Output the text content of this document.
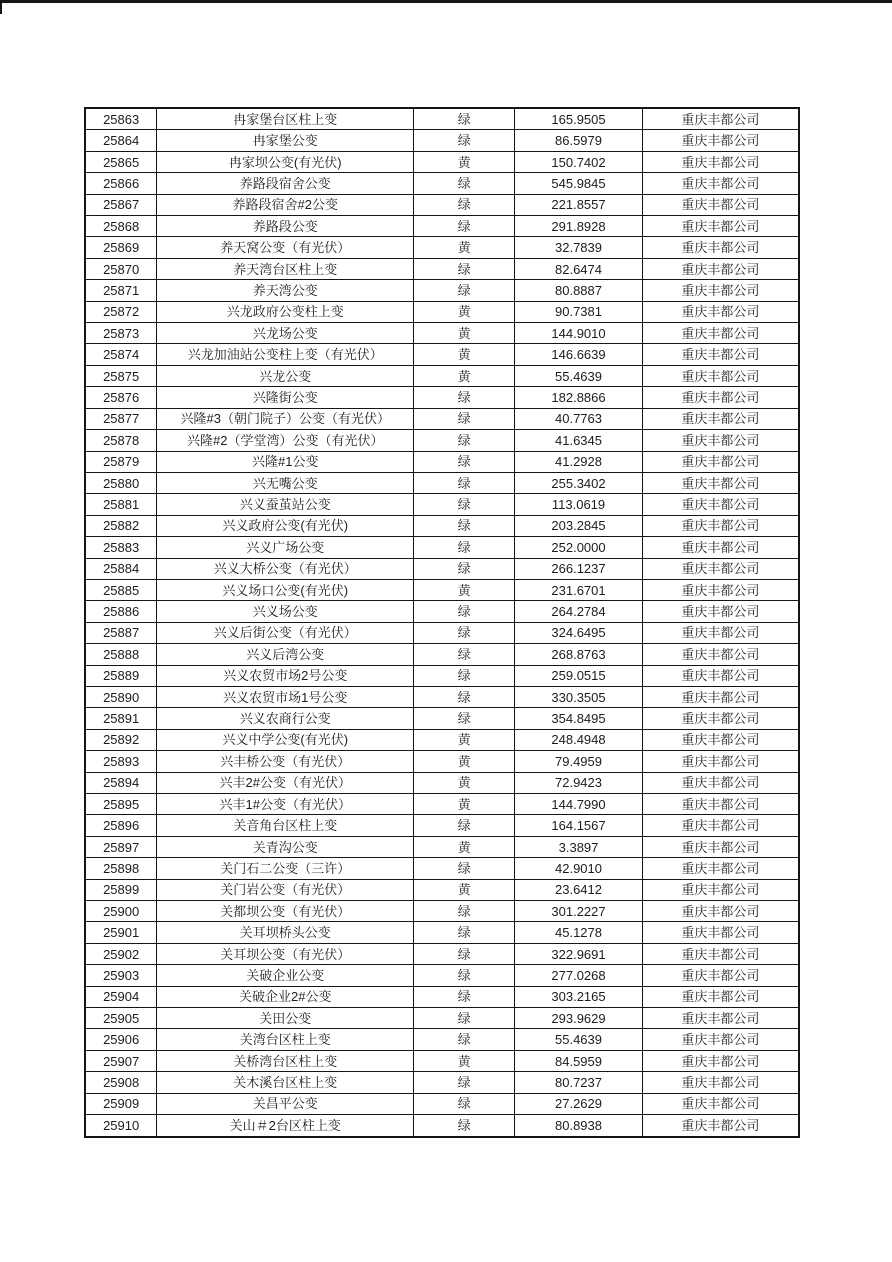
25863	冉家堡台区柱上变	绿	165.9505	重庆丰都公司
25864	冉家堡公变	绿	86.5979	重庆丰都公司
25865	冉家坝公变(有光伏)	黄	150.7402	重庆丰都公司
25866	养路段宿舍公变	绿	545.9845	重庆丰都公司
25867	养路段宿舍#2公变	绿	221.8557	重庆丰都公司
25868	养路段公变	绿	291.8928	重庆丰都公司
25869	养天窝公变（有光伏）	黄	32.7839	重庆丰都公司
25870	养天湾台区柱上变	绿	82.6474	重庆丰都公司
25871	养天湾公变	绿	80.8887	重庆丰都公司
25872	兴龙政府公变柱上变	黄	90.7381	重庆丰都公司
25873	兴龙场公变	黄	144.9010	重庆丰都公司
25874	兴龙加油站公变柱上变（有光伏）	黄	146.6639	重庆丰都公司
25875	兴龙公变	黄	55.4639	重庆丰都公司
25876	兴隆街公变	绿	182.8866	重庆丰都公司
25877	兴隆#3（朝门院子）公变（有光伏）	绿	40.7763	重庆丰都公司
25878	兴隆#2（学堂湾）公变（有光伏）	绿	41.6345	重庆丰都公司
25879	兴隆#1公变	绿	41.2928	重庆丰都公司
25880	兴无嘴公变	绿	255.3402	重庆丰都公司
25881	兴义蚕茧站公变	绿	113.0619	重庆丰都公司
25882	兴义政府公变(有光伏)	绿	203.2845	重庆丰都公司
25883	兴义广场公变	绿	252.0000	重庆丰都公司
25884	兴义大桥公变（有光伏）	绿	266.1237	重庆丰都公司
25885	兴义场口公变(有光伏)	黄	231.6701	重庆丰都公司
25886	兴义场公变	绿	264.2784	重庆丰都公司
25887	兴义后街公变（有光伏）	绿	324.6495	重庆丰都公司
25888	兴义后湾公变	绿	268.8763	重庆丰都公司
25889	兴义农贸市场2号公变	绿	259.0515	重庆丰都公司
25890	兴义农贸市场1号公变	绿	330.3505	重庆丰都公司
25891	兴义农商行公变	绿	354.8495	重庆丰都公司
25892	兴义中学公变(有光伏)	黄	248.4948	重庆丰都公司
25893	兴丰桥公变（有光伏）	黄	79.4959	重庆丰都公司
25894	兴丰2#公变（有光伏）	黄	72.9423	重庆丰都公司
25895	兴丰1#公变（有光伏）	黄	144.7990	重庆丰都公司
25896	关音角台区柱上变	绿	164.1567	重庆丰都公司
25897	关青沟公变	黄	3.3897	重庆丰都公司
25898	关门石二公变（三许）	绿	42.9010	重庆丰都公司
25899	关门岩公变（有光伏）	黄	23.6412	重庆丰都公司
25900	关都坝公变（有光伏）	绿	301.2227	重庆丰都公司
25901	关耳坝桥头公变	绿	45.1278	重庆丰都公司
25902	关耳坝公变（有光伏）	绿	322.9691	重庆丰都公司
25903	关破企业公变	绿	277.0268	重庆丰都公司
25904	关破企业2#公变	绿	303.2165	重庆丰都公司
25905	关田公变	绿	293.9629	重庆丰都公司
25906	关湾台区柱上变	绿	55.4639	重庆丰都公司
25907	关桥湾台区柱上变	黄	84.5959	重庆丰都公司
25908	关木溪台区柱上变	绿	80.7237	重庆丰都公司
25909	关昌平公变	绿	27.2629	重庆丰都公司
25910	关山＃2台区柱上变	绿	80.8938	重庆丰都公司
